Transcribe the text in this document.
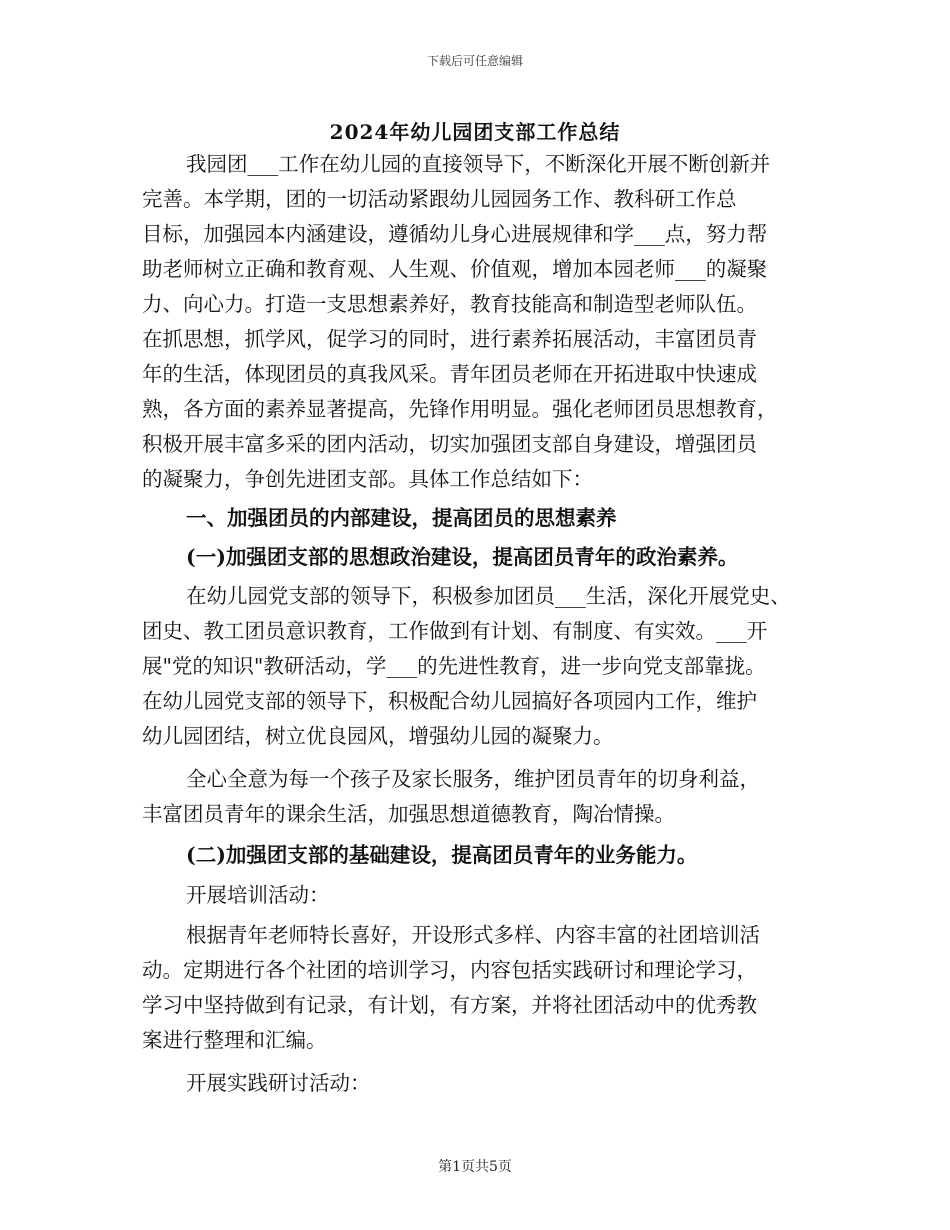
下载后可任意编辑
2024年幼儿园团支部工作总结
我园团___工作在幼儿园的直接领导下，不断深化开展不断创新并
完善。本学期，团的一切活动紧跟幼儿园园务工作、教科研工作总
目标，加强园本内涵建设，遵循幼儿身心进展规律和学___点，努力帮
助老师树立正确和教育观、人生观、价值观，增加本园老师___的凝聚
力、向心力。打造一支思想素养好，教育技能高和制造型老师队伍。
在抓思想，抓学风，促学习的同时，进行素养拓展活动，丰富团员青
年的生活，体现团员的真我风采。青年团员老师在开拓进取中快速成
熟，各方面的素养显著提高，先锋作用明显。强化老师团员思想教育，
积极开展丰富多采的团内活动，切实加强团支部自身建设，增强团员
的凝聚力，争创先进团支部。具体工作总结如下：
一、加强团员的内部建设，提高团员的思想素养
(一)加强团支部的思想政治建设，提高团员青年的政治素养。
在幼儿园党支部的领导下，积极参加团员___生活，深化开展党史、
团史、教工团员意识教育，工作做到有计划、有制度、有实效。___开
展"党的知识"教研活动，学___的先进性教育，进一步向党支部靠拢。
在幼儿园党支部的领导下，积极配合幼儿园搞好各项园内工作，维护
幼儿园团结，树立优良园风，增强幼儿园的凝聚力。
全心全意为每一个孩子及家长服务，维护团员青年的切身利益，
丰富团员青年的课余生活，加强思想道德教育，陶冶情操。
(二)加强团支部的基础建设，提高团员青年的业务能力。
开展培训活动：
根据青年老师特长喜好，开设形式多样、内容丰富的社团培训活
动。定期进行各个社团的培训学习，内容包括实践研讨和理论学习，
学习中坚持做到有记录，有计划，有方案，并将社团活动中的优秀教
案进行整理和汇编。
开展实践研讨活动：
第1页共5页
